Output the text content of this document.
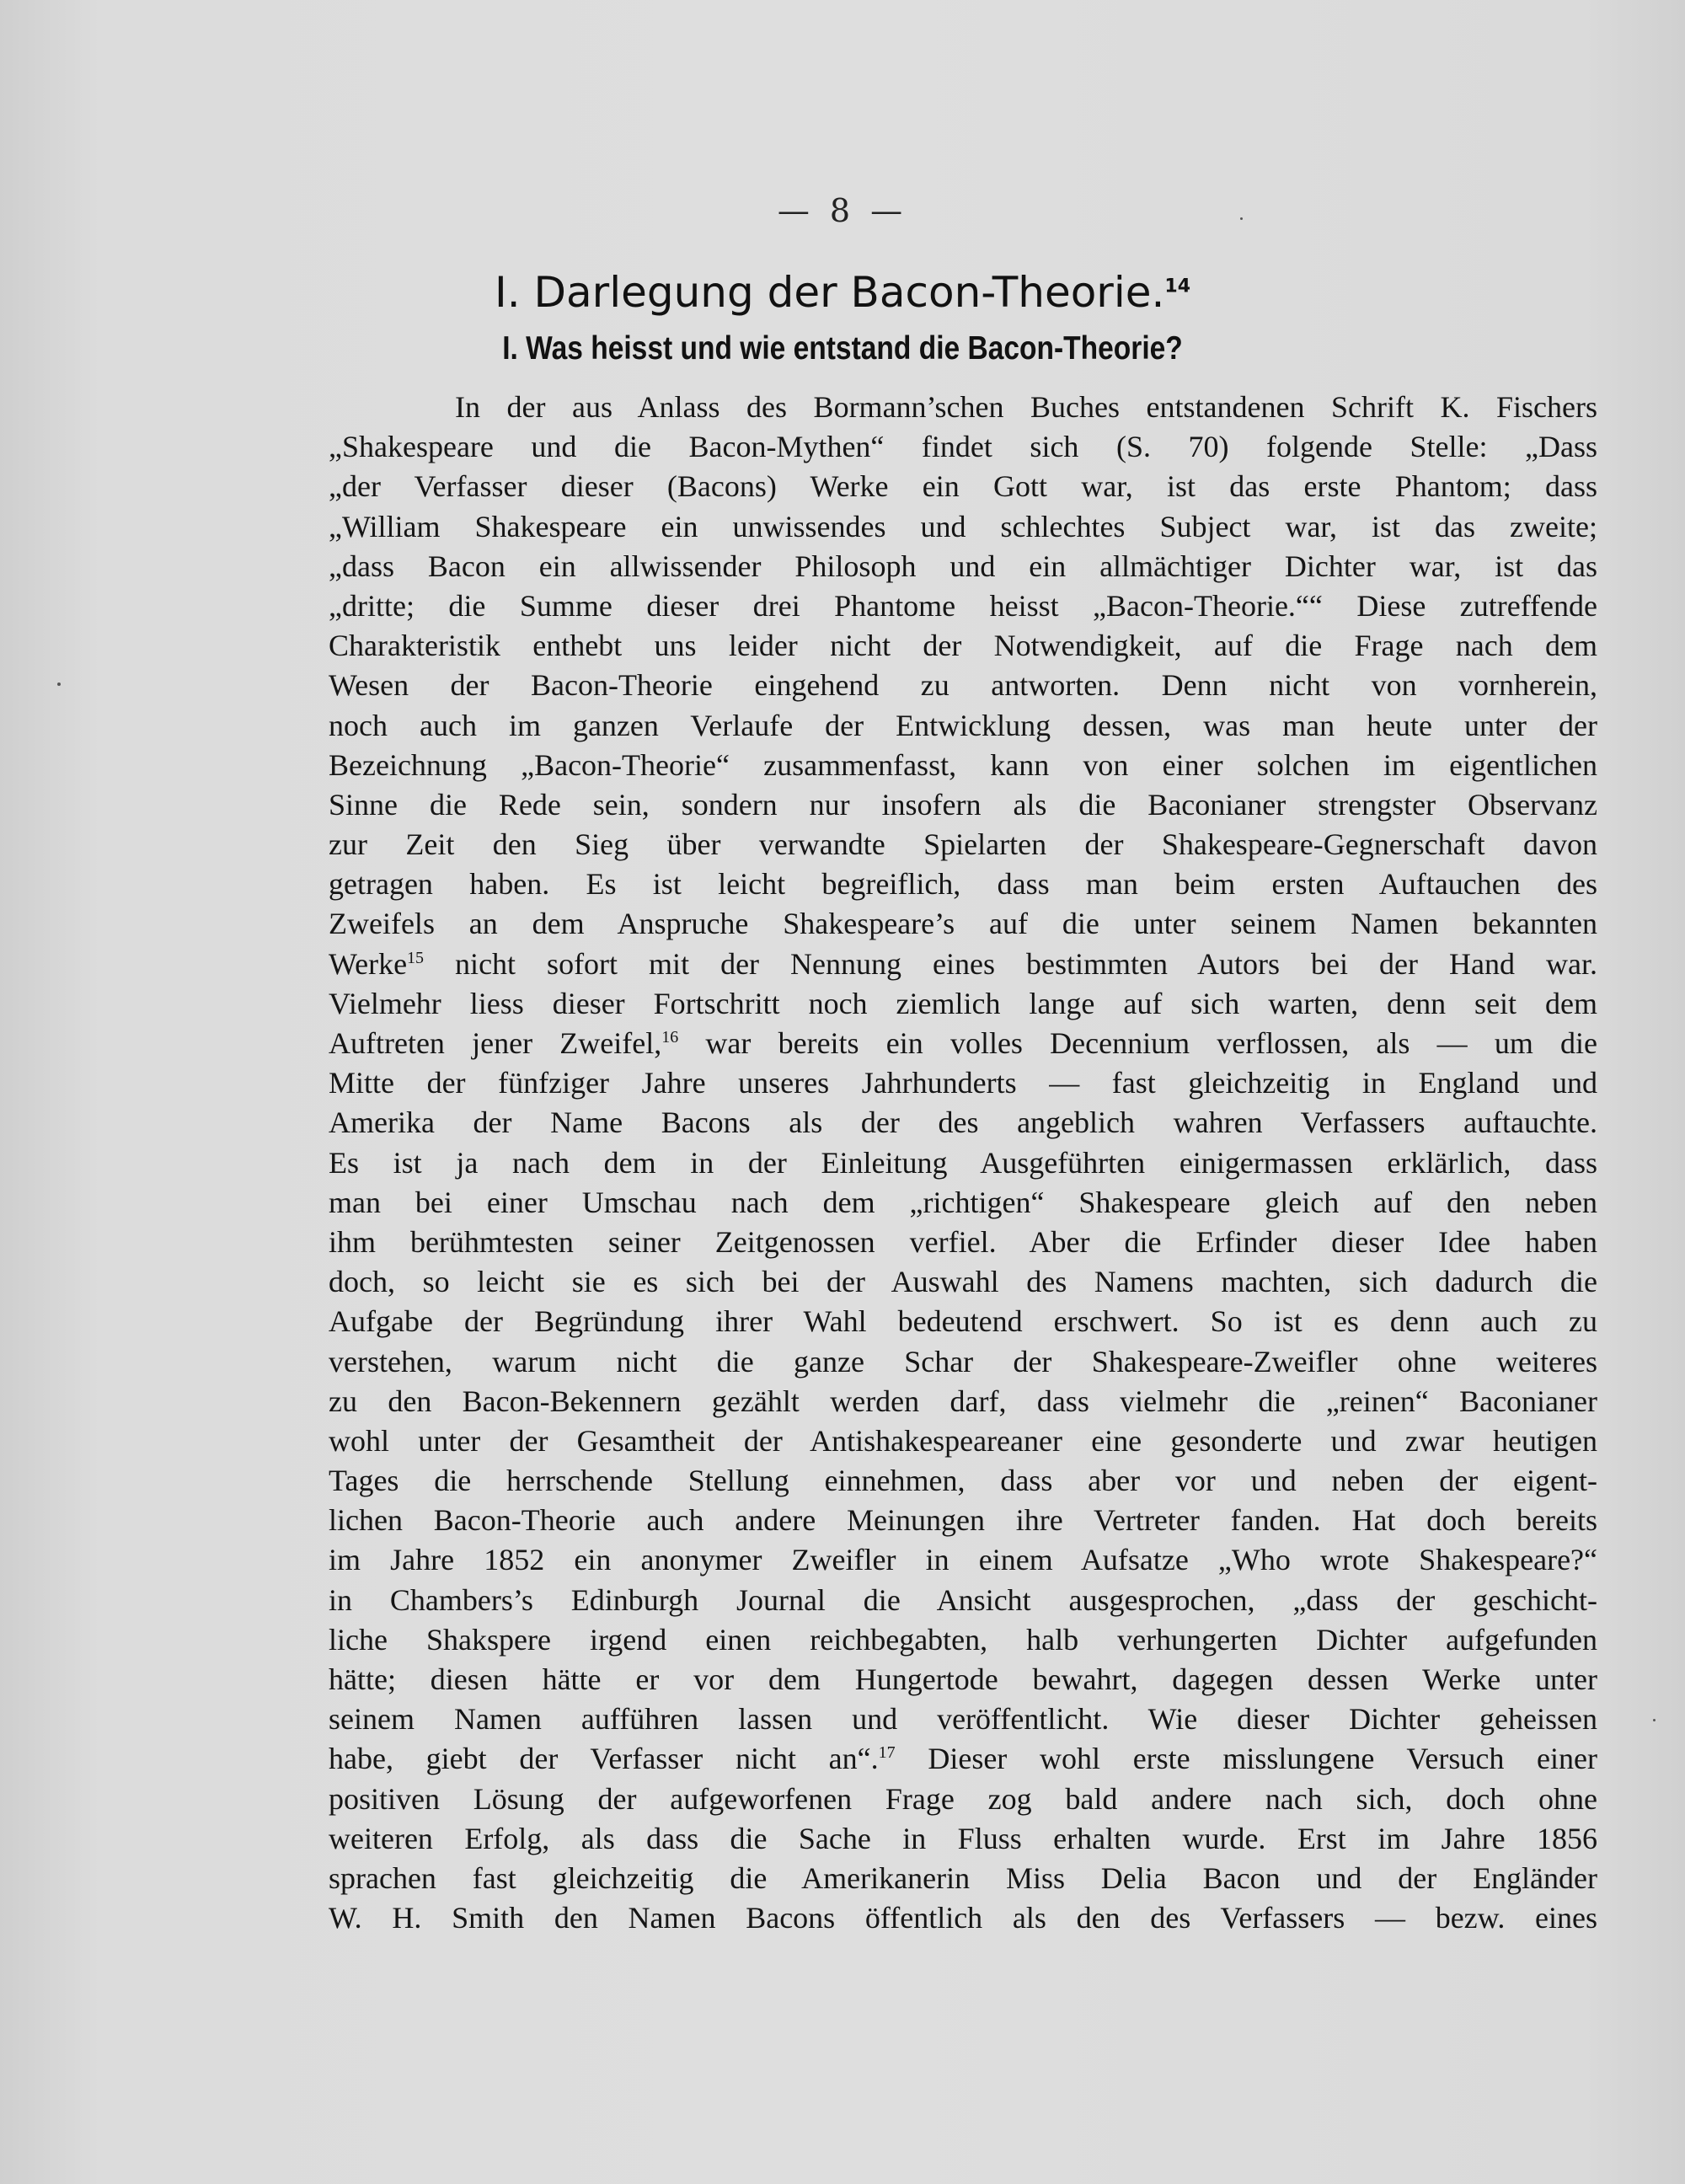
— 8 —
I. Darlegung der Bacon-Theorie.$^{14}$
I. Was heisst und wie entstand die Bacon-Theorie?
In der aus Anlass des Bormann’schen Buches entstandenen Schrift K. Fischers
„Shakespeare und die Bacon-Mythen“ findet sich (S. 70) folgende Stelle: „Dass
„der Verfasser dieser (Bacons) Werke ein Gott war, ist das erste Phantom; dass
„William Shakespeare ein unwissendes und schlechtes Subject war, ist das zweite;
„dass Bacon ein allwissender Philosoph und ein allmächtiger Dichter war, ist das
„dritte; die Summe dieser drei Phantome heisst „Bacon-Theorie.““ Diese zutreffende
Charakteristik enthebt uns leider nicht der Notwendigkeit, auf die Frage nach dem
Wesen der Bacon-Theorie eingehend zu antworten. Denn nicht von vornherein,
noch auch im ganzen Verlaufe der Entwicklung dessen, was man heute unter der
Bezeichnung „Bacon-Theorie“ zusammenfasst, kann von einer solchen im eigentlichen
Sinne die Rede sein, sondern nur insofern als die Baconianer strengster Observanz
zur Zeit den Sieg über verwandte Spielarten der Shakespeare-Gegnerschaft davon
getragen haben. Es ist leicht begreiflich, dass man beim ersten Auftauchen des
Zweifels an dem Anspruche Shakespeare’s auf die unter seinem Namen bekannten
Werke$^{15}$ nicht sofort mit der Nennung eines bestimmten Autors bei der Hand war.
Vielmehr liess dieser Fortschritt noch ziemlich lange auf sich warten, denn seit dem
Auftreten jener Zweifel,$^{16}$ war bereits ein volles Decennium verflossen, als — um die
Mitte der fünfziger Jahre unseres Jahrhunderts — fast gleichzeitig in England und
Amerika der Name Bacons als der des angeblich wahren Verfassers auftauchte.
Es ist ja nach dem in der Einleitung Ausgeführten einigermassen erklärlich, dass
man bei einer Umschau nach dem „richtigen“ Shakespeare gleich auf den neben
ihm berühmtesten seiner Zeitgenossen verfiel. Aber die Erfinder dieser Idee haben
doch, so leicht sie es sich bei der Auswahl des Namens machten, sich dadurch die
Aufgabe der Begründung ihrer Wahl bedeutend erschwert. So ist es denn auch zu
verstehen, warum nicht die ganze Schar der Shakespeare-Zweifler ohne weiteres
zu den Bacon-Bekennern gezählt werden darf, dass vielmehr die „reinen“ Baconianer
wohl unter der Gesamtheit der Antishakespeareaner eine gesonderte und zwar heutigen
Tages die herrschende Stellung einnehmen, dass aber vor und neben der eigent-
lichen Bacon-Theorie auch andere Meinungen ihre Vertreter fanden. Hat doch bereits
im Jahre 1852 ein anonymer Zweifler in einem Aufsatze „Who wrote Shakespeare?“
in Chambers’s Edinburgh Journal die Ansicht ausgesprochen, „dass der geschicht-
liche Shakspere irgend einen reichbegabten, halb verhungerten Dichter aufgefunden
hätte; diesen hätte er vor dem Hungertode bewahrt, dagegen dessen Werke unter
seinem Namen aufführen lassen und veröffentlicht. Wie dieser Dichter geheissen
habe, giebt der Verfasser nicht an“.$^{17}$ Dieser wohl erste misslungene Versuch einer
positiven Lösung der aufgeworfenen Frage zog bald andere nach sich, doch ohne
weiteren Erfolg, als dass die Sache in Fluss erhalten wurde. Erst im Jahre 1856
sprachen fast gleichzeitig die Amerikanerin Miss Delia Bacon und der Engländer
W. H. Smith den Namen Bacons öffentlich als den des Verfassers — bezw. eines
